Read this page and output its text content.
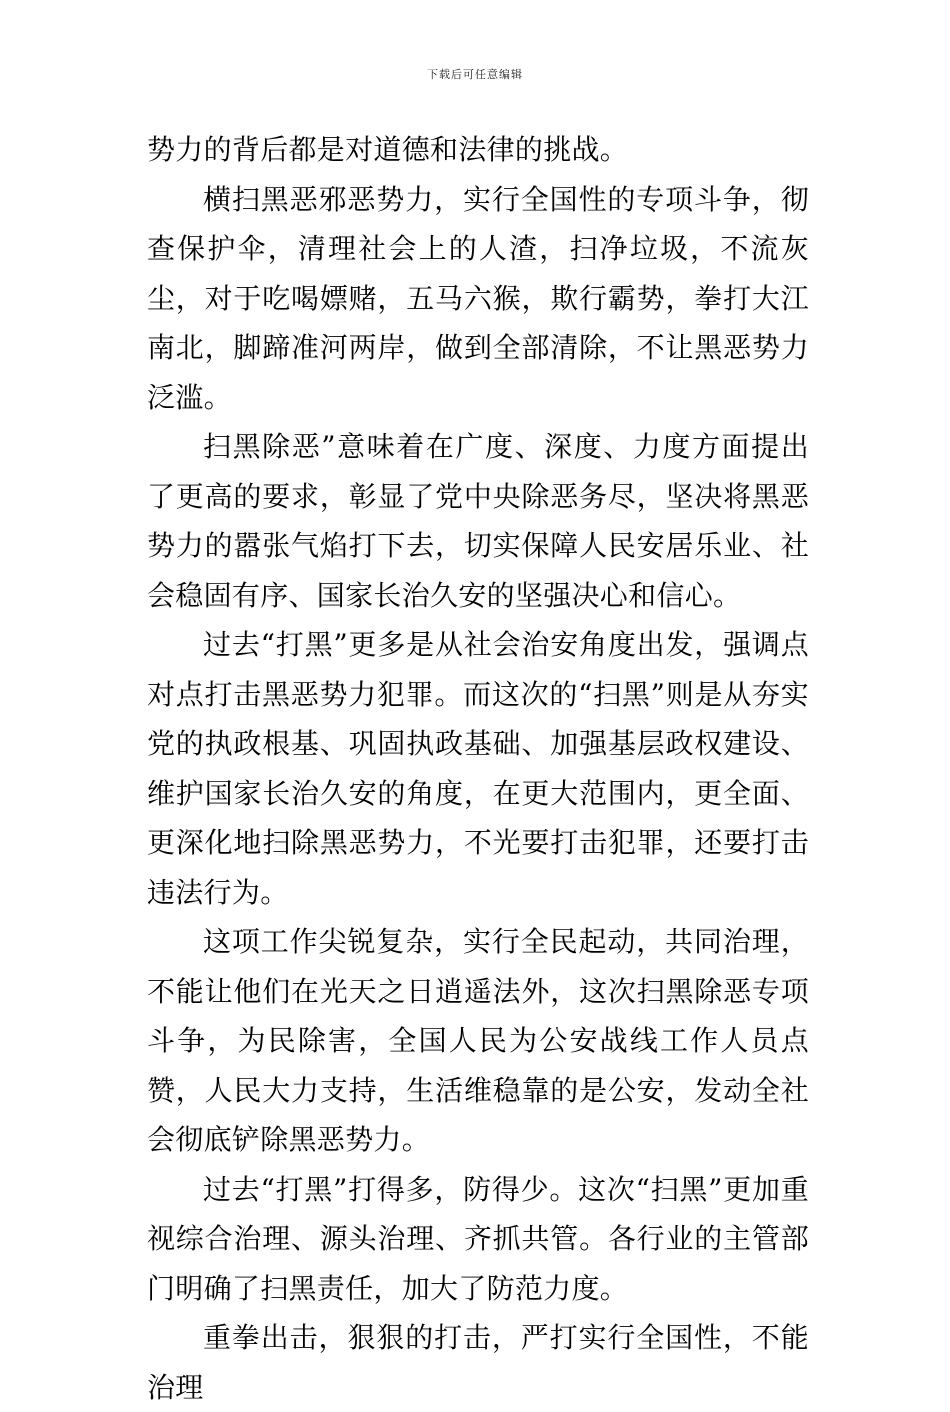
下载后可任意编辑

势力的背后都是对道德和法律的挑战。

横扫黑恶邪恶势力，实行全国性的专项斗争，彻查保护伞，清理社会上的人渣，扫净垃圾，不流灰尘，对于吃喝嫖赌，五马六猴，欺行霸势，拳打大江南北，脚蹄准河两岸，做到全部清除，不让黑恶势力泛滥。

扫黑除恶”意味着在广度、深度、力度方面提出了更高的要求，彰显了党中央除恶务尽，坚决将黑恶势力的嚣张气焰打下去，切实保障人民安居乐业、社会稳固有序、国家长治久安的坚强决心和信心。

过去“打黑”更多是从社会治安角度出发，强调点对点打击黑恶势力犯罪。而这次的“扫黑”则是从夯实党的执政根基、巩固执政基础、加强基层政权建设、维护国家长治久安的角度，在更大范围内，更全面、更深化地扫除黑恶势力，不光要打击犯罪，还要打击违法行为。

这项工作尖锐复杂，实行全民起动，共同治理，不能让他们在光天之日逍遥法外，这次扫黑除恶专项斗争，为民除害，全国人民为公安战线工作人员点赞，人民大力支持，生活维稳靠的是公安，发动全社会彻底铲除黑恶势力。

过去“打黑”打得多，防得少。这次“扫黑”更加重视综合治理、源头治理、齐抓共管。各行业的主管部门明确了扫黑责任，加大了防范力度。

重拳出击，狠狠的打击，严打实行全国性，不能治理
